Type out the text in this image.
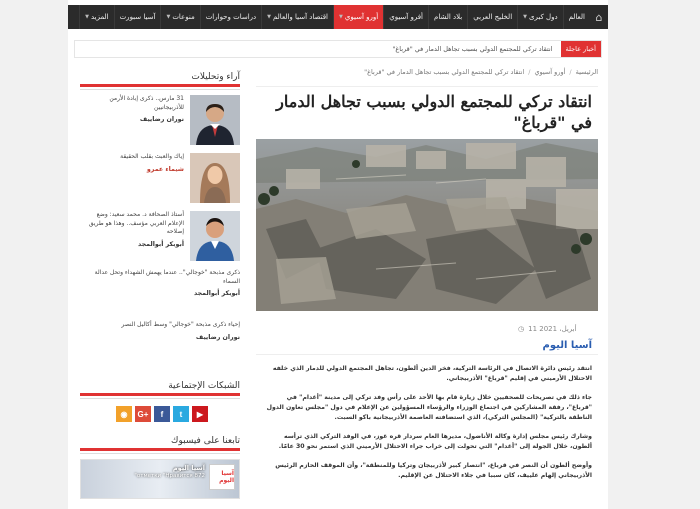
⌂
العالم
دول كبرى
▼
الخليج العربي
بلاد الشام
أفرو آسيوي
أورو آسيوي
▼
اقتصاد آسيا والعالم
▼
دراسات وحوارات
منوعات
▼
آسيا سبورت
المزيد
▼
أخبار عاجلة
انتقاد تركي للمجتمع الدولي بسبب تجاهل الدمار في "قرباغ"
الرئيسية
/
أورو آسيوي
/
انتقاد تركي للمجتمع الدولي بسبب تجاهل الدمار في "قرباغ"
انتقاد تركي للمجتمع الدولي بسبب تجاهل الدمار في "قرباغ"
◷ 11 أبريل، 2021
آسيا اليوم

انتقد رئيس دائرة الاتصال في الرئاسة التركية، فخر الدين ألطون، تجاهل المجتمع الدولي للدمار الذي خلفه الاحتلال الأرميني في إقليم "قرباغ" الأذربيجاني.

جاء ذلك في تصريحات للصحفيين خلال زيارة قام بها الأحد على رأس وفد تركي إلى مدينة "أغدام" في "قرباغ"، رفقة المشاركين في اجتماع الوزراء والرؤساء المسؤولين عن الإعلام في دول "مجلس تعاون الدول الناطقة بالتركية" (المجلس التركي)، الذي استضافته العاصمة الأذربيجانية باكو السبت.

وشارك رئيس مجلس إدارة وكالة الأناضول، مديرها العام سردار قره غوز، في الوفد التركي الذي ترأسه ألطون، خلال الجولة إلى "أغدام" التي تحولت إلى خراب جراء الاحتلال الأرميني الذي استمر نحو 30 عامًا.

وأوضح ألطون أن النصر في قرباغ، "انتصار كبير لأذربيجان وتركيا وللمنطقة"، وأن الموقف الحازم الرئيس الأذربيجاني إلهام علييف، كان سببا في جلاء الاحتلال عن الإقليم.

آراء وتحليلات
31 مارس.. ذكرى إبادة الأرمن للأذربيجانيين
نوران رضاييف
إياك والعبث بقلب الحقيقة
شيماء عمرو
أستاذ الصحافة د. محمد سعيد: وضع الإعلام العربي مؤسف.. وهذا هو طريق إصلاحه
أبوبكر أبوالمجد
ذكرى مذبحة "خوجالي".. عندما يهمش الشهداء وتحل عدالة السماء
أبوبكر أبوالمجد
إحياء ذكرى مذبحة "خوجالي" وسط أكاليل النصر
نوران رضاييف
الشبكات الإجتماعية
◉	G+	f	t	▶
تابعنا على فيسبوك
آسيا اليوم
آسيا اليوم
872 отметки "Нравится"
